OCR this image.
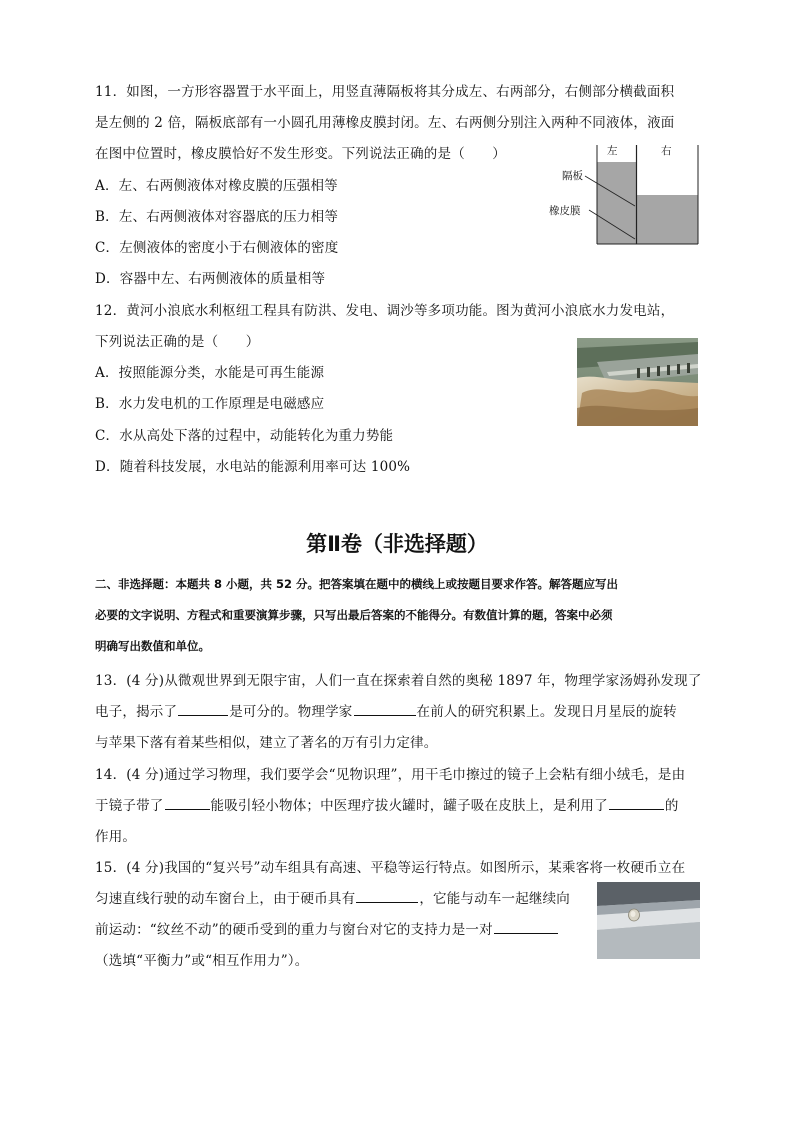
11．如图，一方形容器置于水平面上，用竖直薄隔板将其分成左、右两部分，右侧部分横截面积
是左侧的 2 倍，隔板底部有一小圆孔用薄橡皮膜封闭。左、右两侧分别注入两种不同液体，液面
在图中位置时，橡皮膜恰好不发生形变。下列说法正确的是（　　）
A．左、右两侧液体对橡皮膜的压强相等
B．左、右两侧液体对容器底的压力相等
C．左侧液体的密度小于右侧液体的密度
D．容器中左、右两侧液体的质量相等
左	右
隔板
橡皮膜
12．黄河小浪底水利枢纽工程具有防洪、发电、调沙等多项功能。图为黄河小浪底水力发电站，
下列说法正确的是（　　）
A．按照能源分类，水能是可再生能源
B．水力发电机的工作原理是电磁感应
C．水从高处下落的过程中，动能转化为重力势能
D．随着科技发展，水电站的能源利用率可达 100%
第Ⅱ卷（非选择题）
二、非选择题：本题共 8 小题，共 52 分。把答案填在题中的横线上或按题目要求作答。解答题应写出
必要的文字说明、方程式和重要演算步骤，只写出最后答案的不能得分。有数值计算的题，答案中必须
明确写出数值和单位。
13．(4 分)从微观世界到无限宇宙，人们一直在探索着自然的奥秘 1897 年，物理学家汤姆孙发现了
电子，揭示了	是可分的。物理学家	在前人的研究积累上。发现日月星辰的旋转
与苹果下落有着某些相似，建立了著名的万有引力定律。
14．(4 分)通过学习物理，我们要学会“见物识理”，用干毛巾擦过的镜子上会粘有细小绒毛，是由
于镜子带了	能吸引轻小物体；中医理疗拔火罐时，罐子吸在皮肤上，是利用了	的
作用。
15．(4 分)我国的“复兴号”动车组具有高速、平稳等运行特点。如图所示，某乘客将一枚硬币立在
匀速直线行驶的动车窗台上，由于硬币具有	，它能与动车一起继续向
前运动：“纹丝不动”的硬币受到的重力与窗台对它的支持力是一对
（选填“平衡力”或“相互作用力”）。
